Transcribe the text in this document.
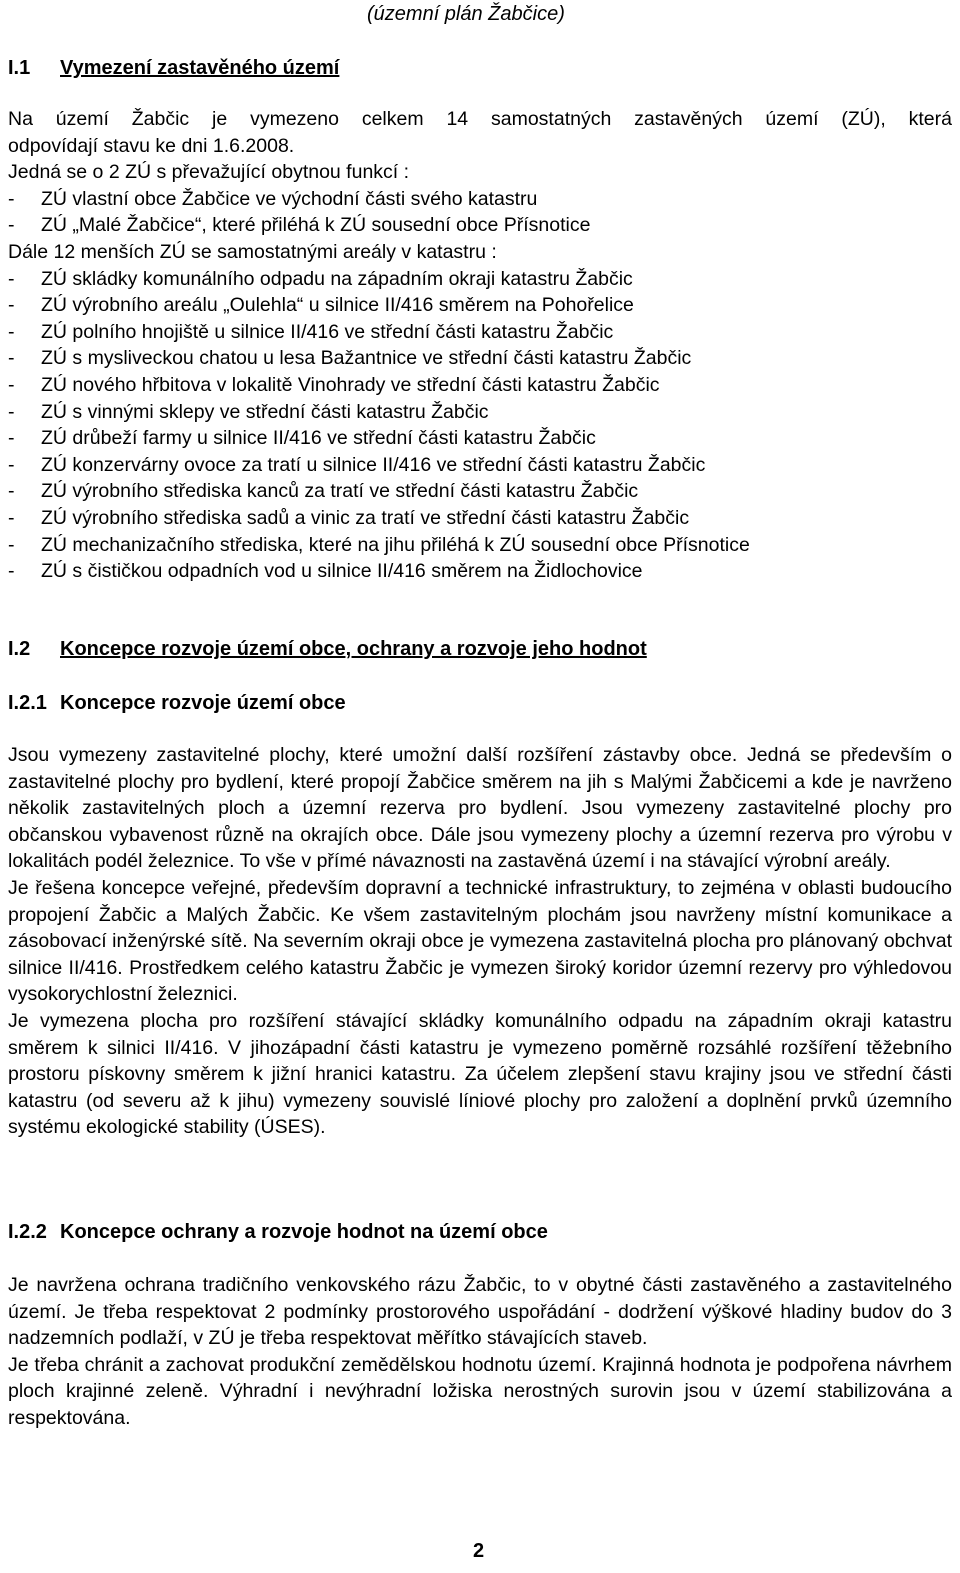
(územní plán Žabčice)
I.1 Vymezení zastavěného území
Na území Žabčic je vymezeno celkem 14 samostatných zastavěných území (ZÚ), která
odpovídají stavu ke dni 1.6.2008.
Jedná se o 2 ZÚ s převažující obytnou funkcí :
- ZÚ vlastní obce Žabčice ve východní části svého katastru
- ZÚ „Malé Žabčice“, které přiléhá k ZÚ sousední obce Přísnotice
Dále 12 menších ZÚ se samostatnými areály v katastru :
- ZÚ skládky komunálního odpadu na západním okraji katastru Žabčic
- ZÚ výrobního areálu „Oulehla“ u silnice II/416 směrem na Pohořelice
- ZÚ polního hnojiště u silnice II/416 ve střední části katastru Žabčic
- ZÚ s mysliveckou chatou u lesa Bažantnice ve střední části katastru Žabčic
- ZÚ nového hřbitova v lokalitě Vinohrady ve střední části katastru Žabčic
- ZÚ s vinnými sklepy ve střední části katastru Žabčic
- ZÚ drůbeží farmy u silnice II/416 ve střední části katastru Žabčic
- ZÚ konzervárny ovoce za tratí u silnice II/416 ve střední části katastru Žabčic
- ZÚ výrobního střediska kanců za tratí ve střední části katastru Žabčic
- ZÚ výrobního střediska sadů a vinic za tratí ve střední části katastru Žabčic
- ZÚ mechanizačního střediska, které na jihu přiléhá k ZÚ sousední obce Přísnotice
- ZÚ s čističkou odpadních vod u silnice II/416 směrem na Židlochovice
I.2 Koncepce rozvoje území obce, ochrany a rozvoje jeho hodnot
I.2.1 Koncepce rozvoje území obce
Jsou vymezeny zastavitelné plochy, které umožní další rozšíření zástavby obce. Jedná se především o zastavitelné plochy pro bydlení, které propojí Žabčice směrem na jih s Malými Žabčicemi a kde je navrženo několik zastavitelných ploch a územní rezerva pro bydlení. Jsou vymezeny zastavitelné plochy pro občanskou vybavenost různě na okrajích obce. Dále jsou vymezeny plochy a územní rezerva pro výrobu v lokalitách podél železnice. To vše v přímé návaznosti na zastavěná území i na stávající výrobní areály.
Je řešena koncepce veřejné, především dopravní a technické infrastruktury, to zejména v oblasti budoucího propojení Žabčic a Malých Žabčic. Ke všem zastavitelným plochám jsou navrženy místní komunikace a zásobovací inženýrské sítě. Na severním okraji obce je vymezena zastavitelná plocha pro plánovaný obchvat silnice II/416. Prostředkem celého katastru Žabčic je vymezen široký koridor územní rezervy pro výhledovou vysokorychlostní železnici.
Je vymezena plocha pro rozšíření stávající skládky komunálního odpadu na západním okraji katastru směrem k silnici II/416. V jihozápadní části katastru je vymezeno poměrně rozsáhlé rozšíření těžebního prostoru pískovny směrem k jižní hranici katastru. Za účelem zlepšení stavu krajiny jsou ve střední části katastru (od severu až k jihu) vymezeny souvislé líniové plochy pro založení a doplnění prvků územního systému ekologické stability (ÚSES).
I.2.2 Koncepce ochrany a rozvoje hodnot na území obce
Je navržena ochrana tradičního venkovského rázu Žabčic, to v obytné části zastavěného a zastavitelného území. Je třeba respektovat 2 podmínky prostorového uspořádání - dodržení výškové hladiny budov do 3 nadzemních podlaží, v ZÚ je třeba respektovat měřítko stávajících staveb.
Je třeba chránit a zachovat produkční zemědělskou hodnotu území. Krajinná hodnota je podpořena návrhem ploch krajinné zeleně. Výhradní i nevýhradní ložiska nerostných surovin jsou v území stabilizována a respektována.
2
